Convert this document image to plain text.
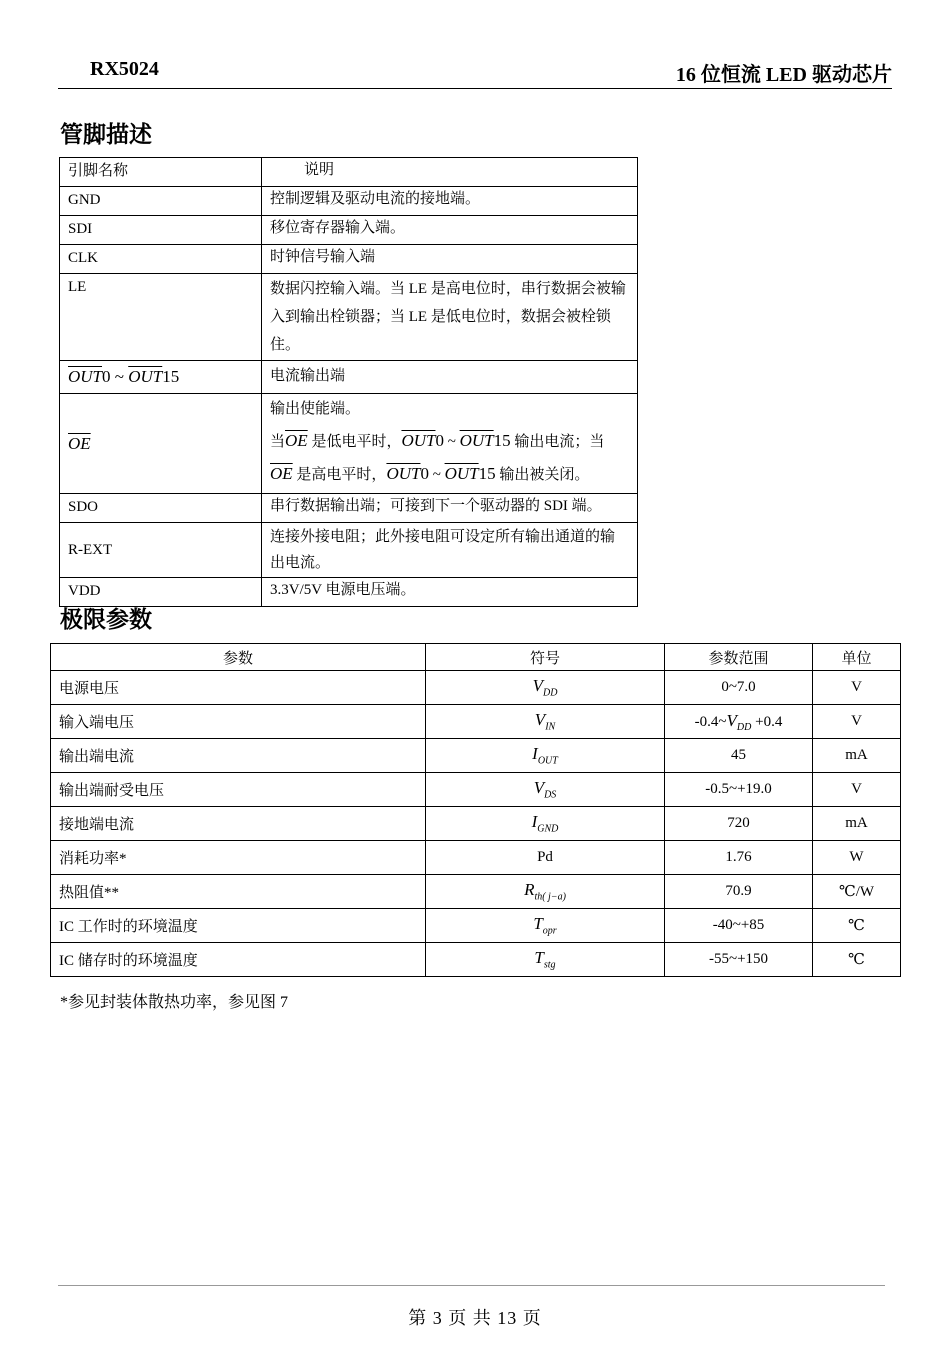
RX5024	16 位恒流 LED 驱动芯片
管脚描述
引脚名称	说明
GND	控制逻辑及驱动电流的接地端。
SDI	移位寄存器输入端。
CLK	时钟信号输入端
LE	数据闪控输入端。当 LE 是高电位时，串行数据会被输入到输出栓锁器；当 LE 是低电位时，数据会被栓锁住。
$\overline{OUT}0$ ~ $\overline{OUT}15$	电流输出端
$\overline{OE}$	输出使能端。
当$\overline{OE}$ 是低电平时，$\overline{OUT}0$ ~ $\overline{OUT}15$ 输出电流；当
$\overline{OE}$ 是高电平时，$\overline{OUT}0$ ~ $\overline{OUT}15$ 输出被关闭。

SDO	串行数据输出端；可接到下一个驱动器的 SDI 端。
R-EXT	连接外接电阻；此外接电阻可设定所有输出通道的输出电流。
VDD	3.3V/5V 电源电压端。
极限参数
参数	符号	参数范围	单位
电源电压	$V_{DD}$	0~7.0	V
输入端电压	$V_{IN}$	$-0.4\sim V_{DD} +0.4$	V
输出端电流	$I_{OUT}$	45	mA
输出端耐受电压	$V_{DS}$	-0.5~+19.0	V
接地端电流	$I_{GND}$	720	mA
消耗功率*	Pd	1.76	W
热阻值**	$R_{th( j-a)}$	70.9	℃/W
IC 工作时的环境温度	$T_{opr}$	-40~+85	℃
IC 储存时的环境温度	$T_{stg}$	-55~+150	℃
*参见封装体散热功率，参见图 7
第 3 页 共 13 页
